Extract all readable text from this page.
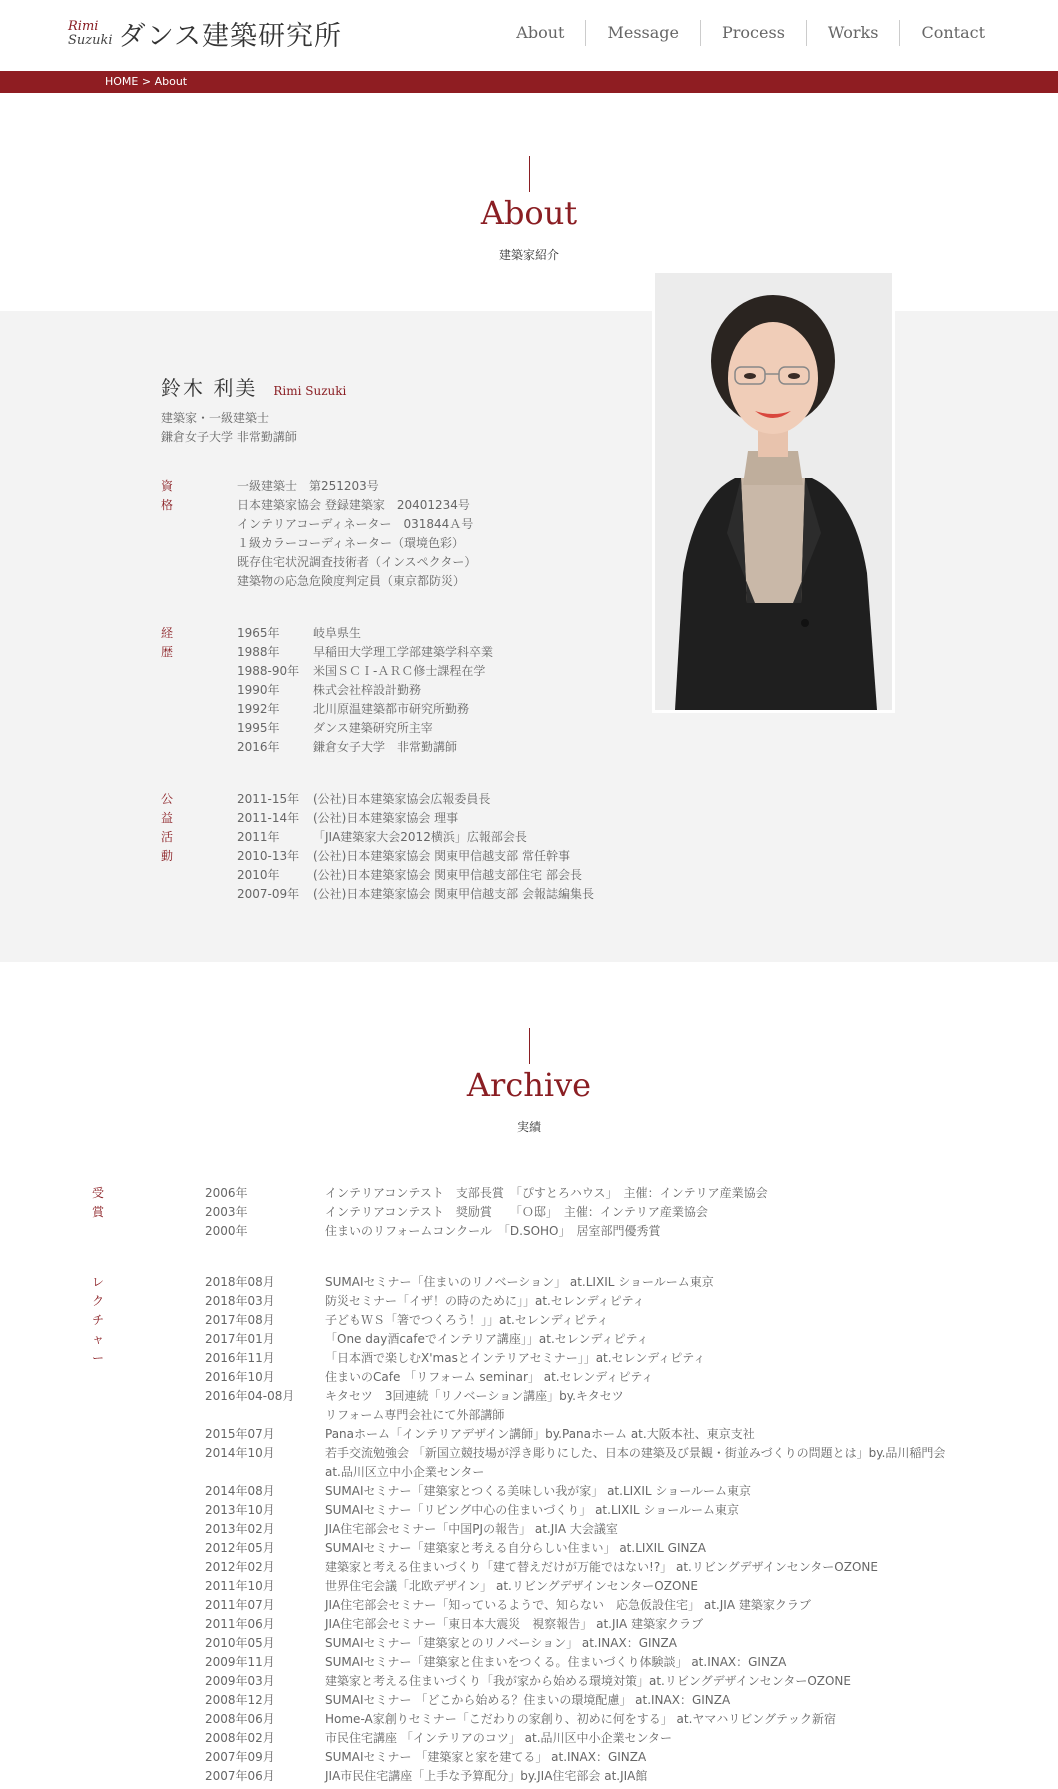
Rimi
Suzuki ダンス建築研究所	About	Message	Process	Works	Contact
HOME > About
About
建築家紹介
鈴木 利美 Rimi Suzuki
建築家・一級建築士
鎌倉女子大学 非常勤講師
資格
一級建築士　第251203号
日本建築家協会 登録建築家　20401234号
インテリアコーディネーター　031844Ａ号
１級カラーコーディネーター（環境色彩）
既存住宅状況調査技術者（インスペクター）
建築物の応急危険度判定員（東京都防災）
経歴
1965年	岐阜県生
1988年	早稲田大学理工学部建築学科卒業
1988-90年	米国ＳＣＩ-ＡＲＣ修士課程在学
1990年	株式会社梓設計勤務
1992年	北川原温建築都市研究所勤務
1995年	ダンス建築研究所主宰
2016年	鎌倉女子大学　非常勤講師
公益活動
2011-15年	(公社)日本建築家協会広報委員長
2011-14年	(公社)日本建築家協会 理事
2011年	「JIA建築家大会2012横浜」広報部会長
2010-13年	(公社)日本建築家協会 関東甲信越支部 常任幹事
2010年	(公社)日本建築家協会 関東甲信越支部住宅 部会長
2007-09年	(公社)日本建築家協会 関東甲信越支部 会報誌編集長
Archive
実績
受賞
2006年	インテリアコンテスト　支部長賞　「ぴすとろハウス」　主催：インテリア産業協会
2003年	インテリアコンテスト　奨励賞　　「Ｏ邸」　主催：インテリア産業協会
2000年	住まいのリフォームコンクール　「D.SOHO」　居室部門優秀賞
レクチャー
2018年08月	SUMAIセミナー「住まいのリノベーション」 at.LIXIL ショールーム東京
2018年03月	防災セミナー「イザ！の時のために」」at.セレンディピティ
2017年08月	子どもＷＳ「箸でつくろう！」」at.セレンディピティ
2017年01月	「One day酒cafeでインテリア講座」」at.セレンディピティ
2016年11月	「日本酒で楽しむX'masとインテリアセミナー」」at.セレンディピティ
2016年10月	住まいのCafe 「リフォーム seminar」 at.セレンディピティ
2016年04-08月	キタセツ　3回連続「リノベーション講座」by.キタセツ
リフォーム専門会社にて外部講師
2015年07月	Panaホーム「インテリアデザイン講師」by.Panaホーム at.大阪本社、東京支社
2014年10月	若手交流勉強会 「新国立競技場が浮き彫りにした、日本の建築及び景観・街並みづくりの問題とは」by.品川稲門会
at.品川区立中小企業センター
2014年08月	SUMAIセミナー「建築家とつくる美味しい我が家」 at.LIXIL ショールーム東京
2013年10月	SUMAIセミナー「リビング中心の住まいづくり」 at.LIXIL ショールーム東京
2013年02月	JIA住宅部会セミナー「中国PJの報告」 at.JIA 大会議室
2012年05月	SUMAIセミナー「建築家と考える自分らしい住まい」 at.LIXIL GINZA
2012年02月	建築家と考える住まいづくり「建て替えだけが万能ではない!?」 at.リビングデザインセンターOZONE
2011年10月	世界住宅会議「北欧デザイン」 at.リビングデザインセンターOZONE
2011年07月	JIA住宅部会セミナー「知っているようで、知らない　応急仮設住宅」 at.JIA 建築家クラブ
2011年06月	JIA住宅部会セミナー「東日本大震災　視察報告」 at.JIA 建築家クラブ
2010年05月	SUMAIセミナー「建築家とのリノベーション」 at.INAX：GINZA
2009年11月	SUMAIセミナー「建築家と住まいをつくる。住まいづくり体験談」 at.INAX：GINZA
2009年03月	建築家と考える住まいづくり「我が家から始める環境対策」at.リビングデザインセンターOZONE
2008年12月	SUMAIセミナー 「どこから始める？住まいの環境配慮」 at.INAX：GINZA
2008年06月	Home-A家創りセミナー「こだわりの家創り、初めに何をする」 at.ヤマハリビングテック新宿
2008年02月	市民住宅講座 「インテリアのコツ」 at.品川区中小企業センター
2007年09月	SUMAIセミナー 「建築家と家を建てる」 at.INAX：GINZA
2007年06月	JIA市民住宅講座「上手な予算配分」by.JIA住宅部会 at.JIA館
